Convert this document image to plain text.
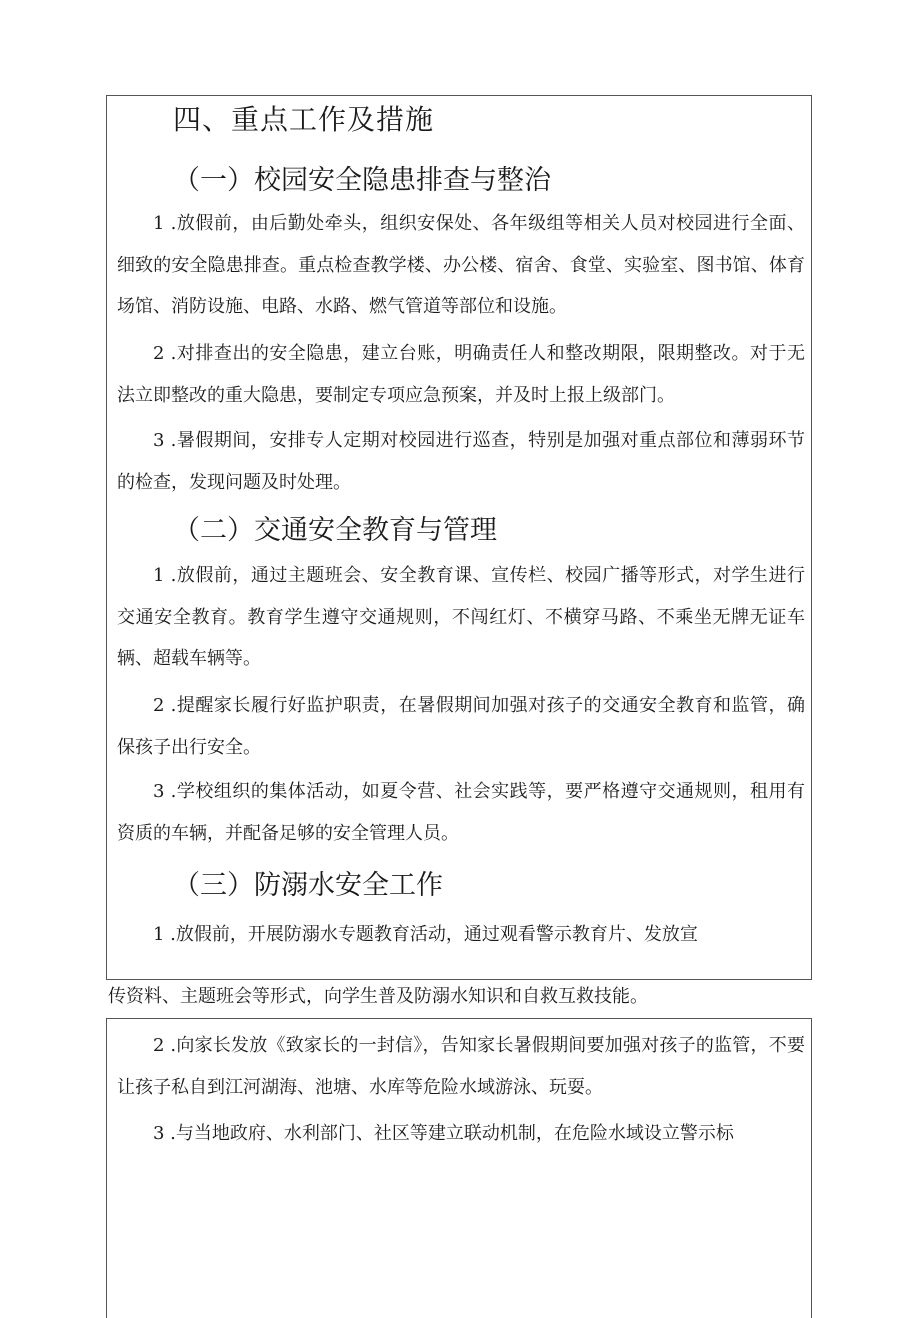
四、重点工作及措施
（一）校园安全隐患排查与整治
1 .放假前，由后勤处牵头，组织安保处、各年级组等相关人员对校园进行全面、细致的安全隐患排查。重点检查教学楼、办公楼、宿舍、食堂、实验室、图书馆、体育场馆、消防设施、电路、水路、燃气管道等部位和设施。
2 .对排查出的安全隐患，建立台账，明确责任人和整改期限，限期整改。对于无法立即整改的重大隐患，要制定专项应急预案，并及时上报上级部门。
3 .暑假期间，安排专人定期对校园进行巡查，特别是加强对重点部位和薄弱环节的检查，发现问题及时处理。
（二）交通安全教育与管理
1 .放假前，通过主题班会、安全教育课、宣传栏、校园广播等形式，对学生进行交通安全教育。教育学生遵守交通规则，不闯红灯、不横穿马路、不乘坐无牌无证车辆、超载车辆等。
2 .提醒家长履行好监护职责，在暑假期间加强对孩子的交通安全教育和监管，确保孩子出行安全。
3 .学校组织的集体活动，如夏令营、社会实践等，要严格遵守交通规则，租用有资质的车辆，并配备足够的安全管理人员。
（三）防溺水安全工作
1 .放假前，开展防溺水专题教育活动，通过观看警示教育片、发放宣
传资料、主题班会等形式，向学生普及防溺水知识和自救互救技能。
2 .向家长发放《致家长的一封信》，告知家长暑假期间要加强对孩子的监管，不要让孩子私自到江河湖海、池塘、水库等危险水域游泳、玩耍。
3 .与当地政府、水利部门、社区等建立联动机制，在危险水域设立警示标
